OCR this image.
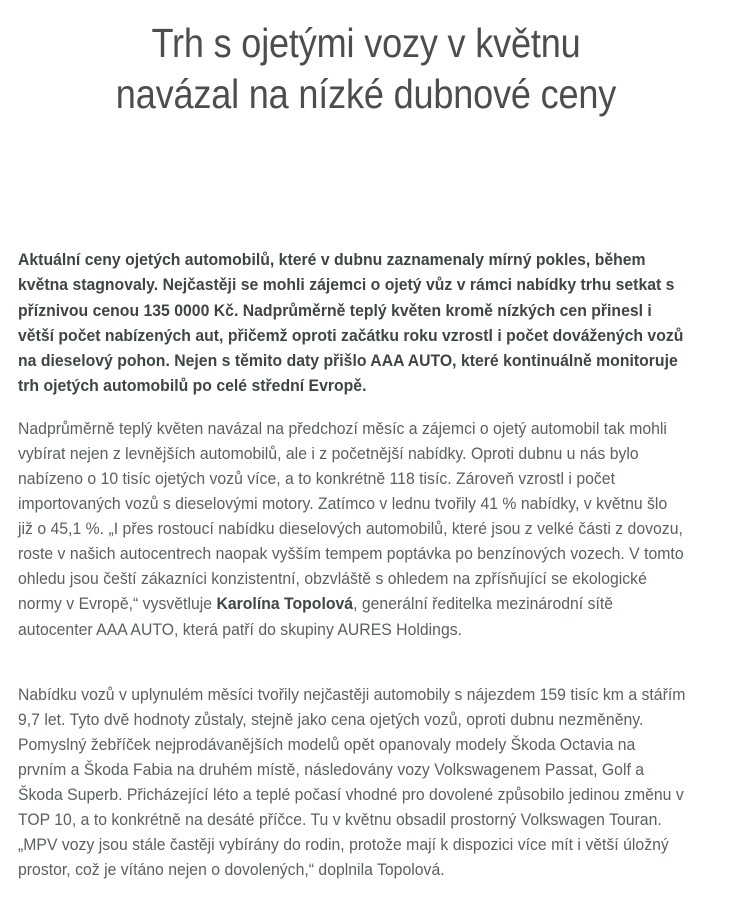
Trh s ojetými vozy v květnu
navázal na nízké dubnové ceny

Aktuální ceny ojetých automobilů, které v dubnu zaznamenaly mírný pokles, během května stagnovaly. Nejčastěji se mohli zájemci o ojetý vůz v rámci nabídky trhu setkat s příznivou cenou 135 0000 Kč. Nadprůměrně teplý květen kromě nízkých cen přinesl i větší počet nabízených aut, přičemž oproti začátku roku vzrostl i počet dovážených vozů na dieselový pohon. Nejen s těmito daty přišlo AAA AUTO, které kontinuálně monitoruje trh ojetých automobilů po celé střední Evropě.

Nadprůměrně teplý květen navázal na předchozí měsíc a zájemci o ojetý automobil tak mohli vybírat nejen z levnějších automobilů, ale i z početnější nabídky. Oproti dubnu u nás bylo nabízeno o 10 tisíc ojetých vozů více, a to konkrétně 118 tisíc. Zároveň vzrostl i počet importovaných vozů s dieselovými motory. Zatímco v lednu tvořily 41 % nabídky, v květnu šlo již o 45,1 %. „I přes rostoucí nabídku dieselových automobilů, které jsou z velké části z dovozu, roste v našich autocentrech naopak vyšším tempem poptávka po benzínových vozech. V tomto ohledu jsou čeští zákazníci konzistentní, obzvláště s ohledem na zpřísňující se ekologické normy v Evropě,“ vysvětluje Karolína Topolová, generální ředitelka mezinárodní sítě autocenter AAA AUTO, která patří do skupiny AURES Holdings.

Nabídku vozů v uplynulém měsíci tvořily nejčastěji automobily s nájezdem 159 tisíc km a stářím 9,7 let. Tyto dvě hodnoty zůstaly, stejně jako cena ojetých vozů, oproti dubnu nezměněny. Pomyslný žebříček nejprodávanějších modelů opět opanovaly modely Škoda Octavia na prvním a Škoda Fabia na druhém místě, následovány vozy Volkswagenem Passat, Golf a Škoda Superb. Přicházející léto a teplé počasí vhodné pro dovolené způsobilo jedinou změnu v TOP 10, a to konkrétně na desáté příčce. Tu v květnu obsadil prostorný Volkswagen Touran. „MPV vozy jsou stále častěji vybírány do rodin, protože mají k dispozici více mít i větší úložný prostor, což je vítáno nejen o dovolených,“ doplnila Topolová.
